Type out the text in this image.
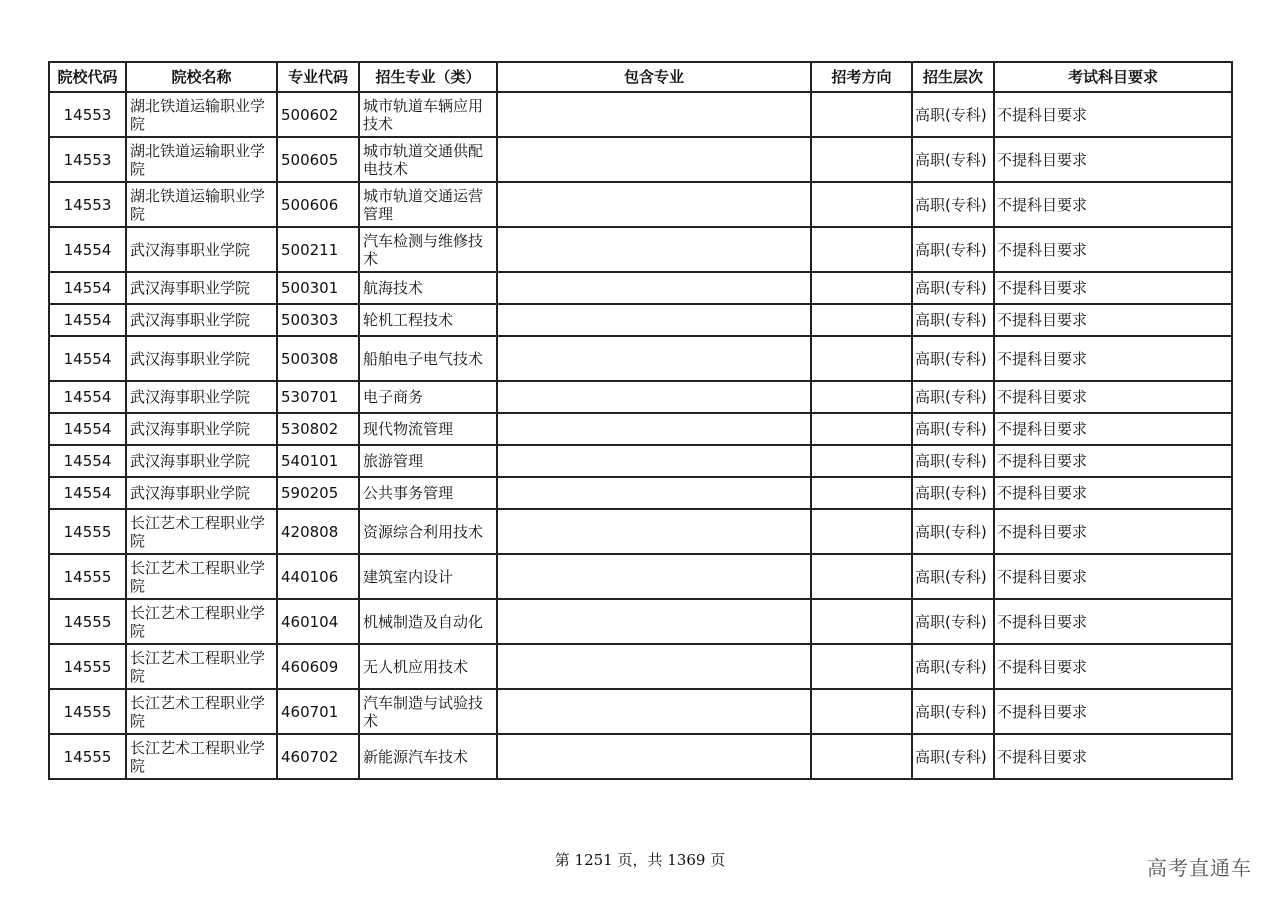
院校代码	院校名称	专业代码	招生专业（类）	包含专业	招考方向	招生层次	考试科目要求
14553	湖北铁道运输职业学院	500602	城市轨道车辆应用技术			高职(专科)	不提科目要求
14553	湖北铁道运输职业学院	500605	城市轨道交通供配电技术			高职(专科)	不提科目要求
14553	湖北铁道运输职业学院	500606	城市轨道交通运营管理			高职(专科)	不提科目要求
14554	武汉海事职业学院	500211	汽车检测与维修技术			高职(专科)	不提科目要求
14554	武汉海事职业学院	500301	航海技术			高职(专科)	不提科目要求
14554	武汉海事职业学院	500303	轮机工程技术			高职(专科)	不提科目要求
14554	武汉海事职业学院	500308	船舶电子电气技术			高职(专科)	不提科目要求
14554	武汉海事职业学院	530701	电子商务			高职(专科)	不提科目要求
14554	武汉海事职业学院	530802	现代物流管理			高职(专科)	不提科目要求
14554	武汉海事职业学院	540101	旅游管理			高职(专科)	不提科目要求
14554	武汉海事职业学院	590205	公共事务管理			高职(专科)	不提科目要求
14555	长江艺术工程职业学院	420808	资源综合利用技术			高职(专科)	不提科目要求
14555	长江艺术工程职业学院	440106	建筑室内设计			高职(专科)	不提科目要求
14555	长江艺术工程职业学院	460104	机械制造及自动化			高职(专科)	不提科目要求
14555	长江艺术工程职业学院	460609	无人机应用技术			高职(专科)	不提科目要求
14555	长江艺术工程职业学院	460701	汽车制造与试验技术			高职(专科)	不提科目要求
14555	长江艺术工程职业学院	460702	新能源汽车技术			高职(专科)	不提科目要求
第 1251 页，共 1369 页	高考直通车
